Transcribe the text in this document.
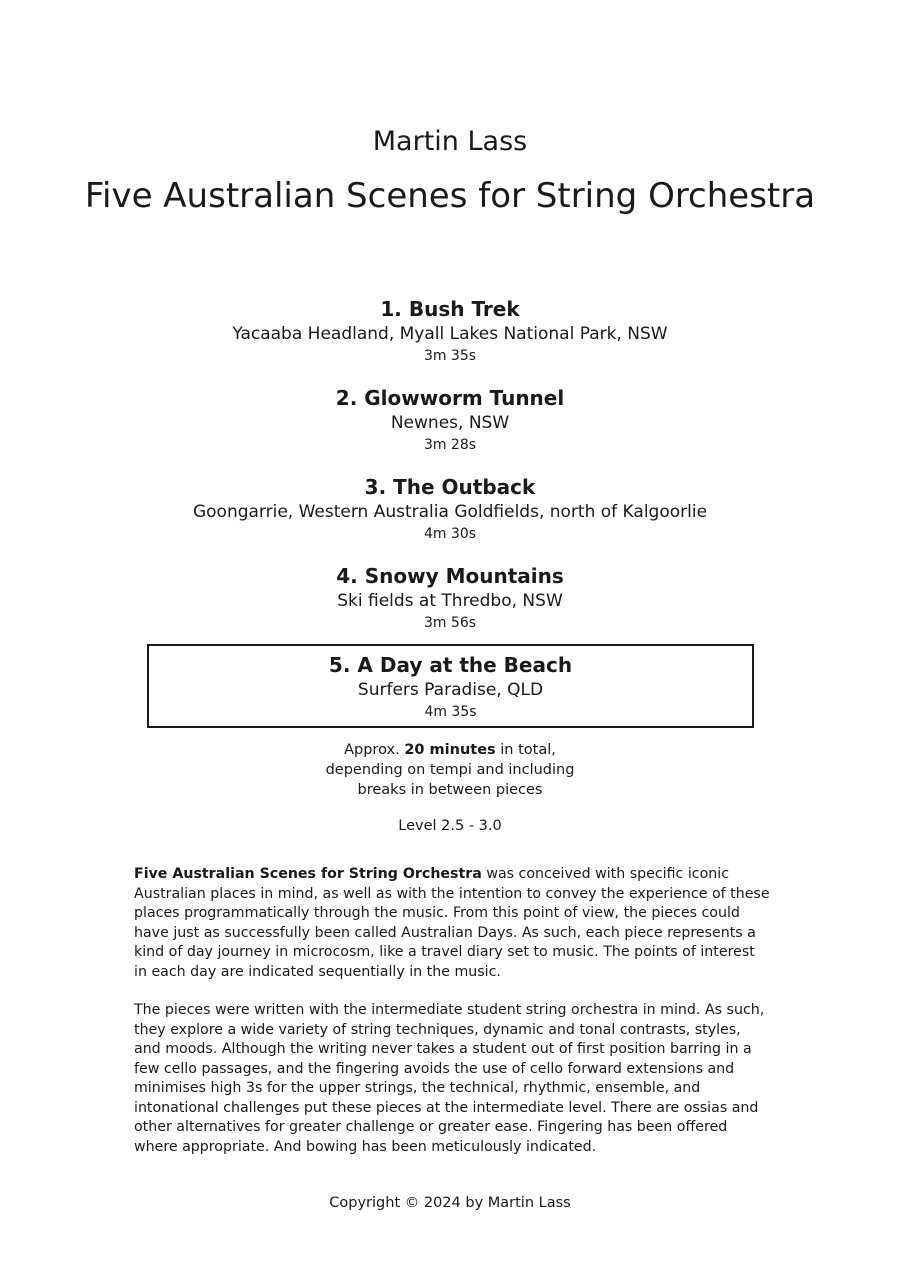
Martin Lass
Five Australian Scenes for String Orchestra
1. Bush Trek
Yacaaba Headland, Myall Lakes National Park, NSW
3m 35s
2. Glowworm Tunnel
Newnes, NSW
3m 28s
3. The Outback
Goongarrie, Western Australia Goldfields, north of Kalgoorlie
4m 30s
4. Snowy Mountains
Ski fields at Thredbo, NSW
3m 56s
5. A Day at the Beach
Surfers Paradise, QLD
4m 35s
Approx. 20 minutes in total,
depending on tempi and including
breaks in between pieces
Level 2.5 - 3.0

Five Australian Scenes for String Orchestra was conceived with specific iconic Australian places in mind, as well as with the intention to convey the experience of these places programmatically through the music. From this point of view, the pieces could have just as successfully been called Australian Days. As such, each piece represents a kind of day journey in microcosm, like a travel diary set to music. The points of interest in each day are indicated sequentially in the music.

The pieces were written with the intermediate student string orchestra in mind. As such, they explore a wide variety of string techniques, dynamic and tonal contrasts, styles, and moods. Although the writing never takes a student out of first position barring in a few cello passages, and the fingering avoids the use of cello forward extensions and minimises high 3s for the upper strings, the technical, rhythmic, ensemble, and intonational challenges put these pieces at the intermediate level. There are ossias and other alternatives for greater challenge or greater ease. Fingering has been offered where appropriate. And bowing has been meticulously indicated.

Copyright © 2024 by Martin Lass
